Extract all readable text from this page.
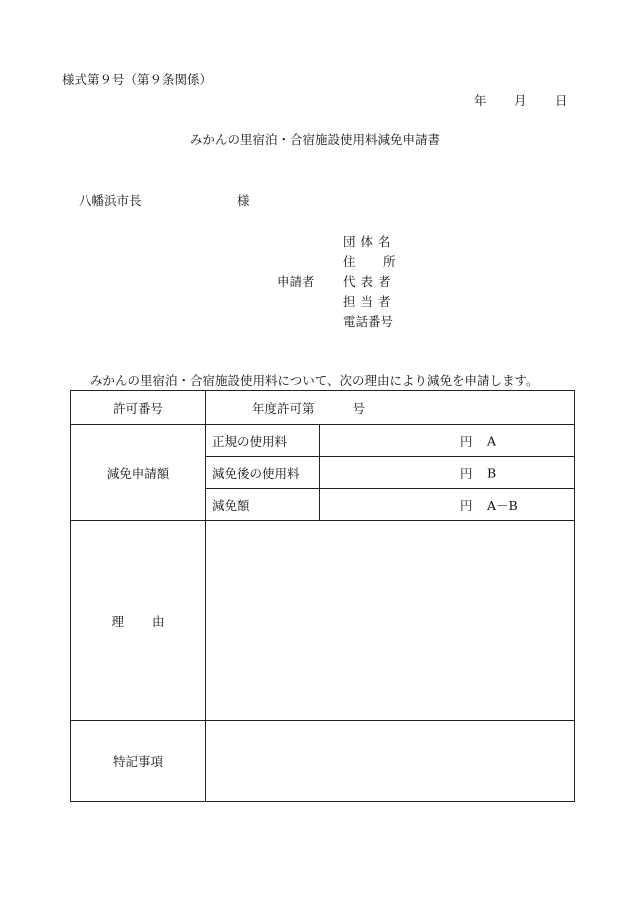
様式第９号（第９条関係）
年 月 日
みかんの里宿泊・合宿施設使用料減免申請書
八幡浜市長	様
申請者
団体名
住 所
代表者
担当者
電話番号
みかんの里宿泊・合宿施設使用料について、次の理由により減免を申請します。
許可番号	年度許可第 号	
減免申請額	正規の使用料	円 A

	減免後の使用料	円 B

	減免額	円 A－B

理由		
特記事項		
